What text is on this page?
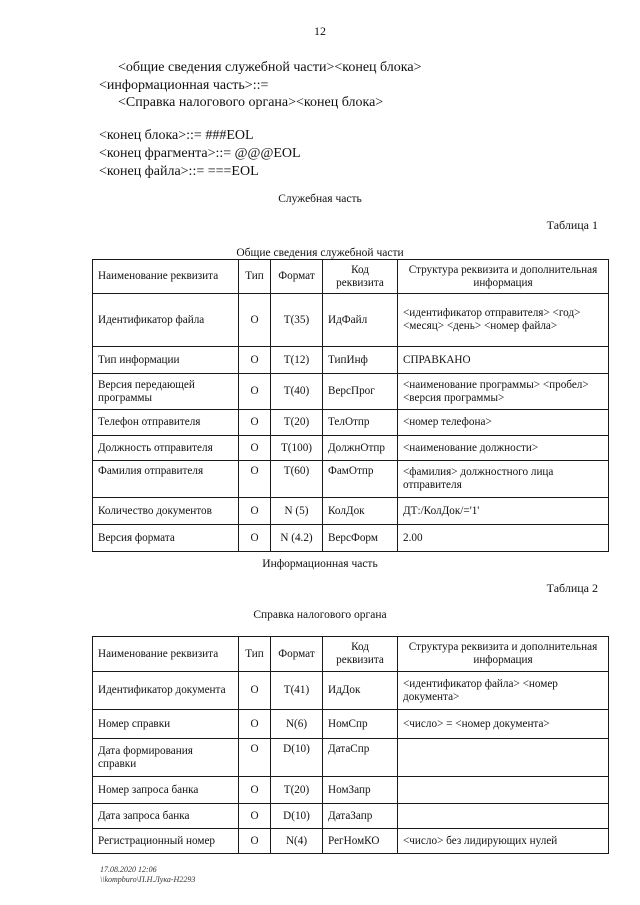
12
<общие сведения служебной части><конец блока>
<информационная часть>::=
<Справка налогового органа><конец блока>
<конец блока>::= ###EOL
<конец фрагмента>::= @@@EOL
<конец файла>::= ===EOL
Служебная часть
Таблица 1
Общие сведения служебной части
Наименование реквизита	Тип	Формат	Код реквизита	Структура реквизита и дополнительная информация
Идентификатор файла	О	Т(35)	ИдФайл	<идентификатор отправителя> <год> <месяц> <день> <номер файла>
Тип информации	О	Т(12)	ТипИнф	СПРАВКАНО
Версия передающей программы	О	Т(40)	ВерсПрог	<наименование программы> <пробел> <версия программы>
Телефон отправителя	О	Т(20)	ТелОтпр	<номер телефона>
Должность отправителя	О	Т(100)	ДолжнОтпр	<наименование должности>
Фамилия отправителя	О	Т(60)	ФамОтпр	<фамилия> должностного лица отправителя
Количество документов	О	N (5)	КолДок	ДТ:/КолДок/='1'
Версия формата	О	N (4.2)	ВерсФорм	2.00
Информационная часть
Таблица 2
Справка налогового органа
Наименование реквизита	Тип	Формат	Код реквизита	Структура реквизита и дополнительная информация
Идентификатор документа	О	Т(41)	ИдДок	<идентификатор файла> <номер документа>
Номер справки	О	N(6)	НомСпр	<число> = <номер документа>
Дата формирования справки	О	D(10)	ДатаСпр	
Номер запроса банка	О	Т(20)	НомЗапр	
Дата запроса банка	О	D(10)	ДатаЗапр	
Регистрационный номер	О	N(4)	РегНомКО	<число> без лидирующих нулей
17.08.2020 12:06
\\kompburo\П.Н.Лука-Н2293
